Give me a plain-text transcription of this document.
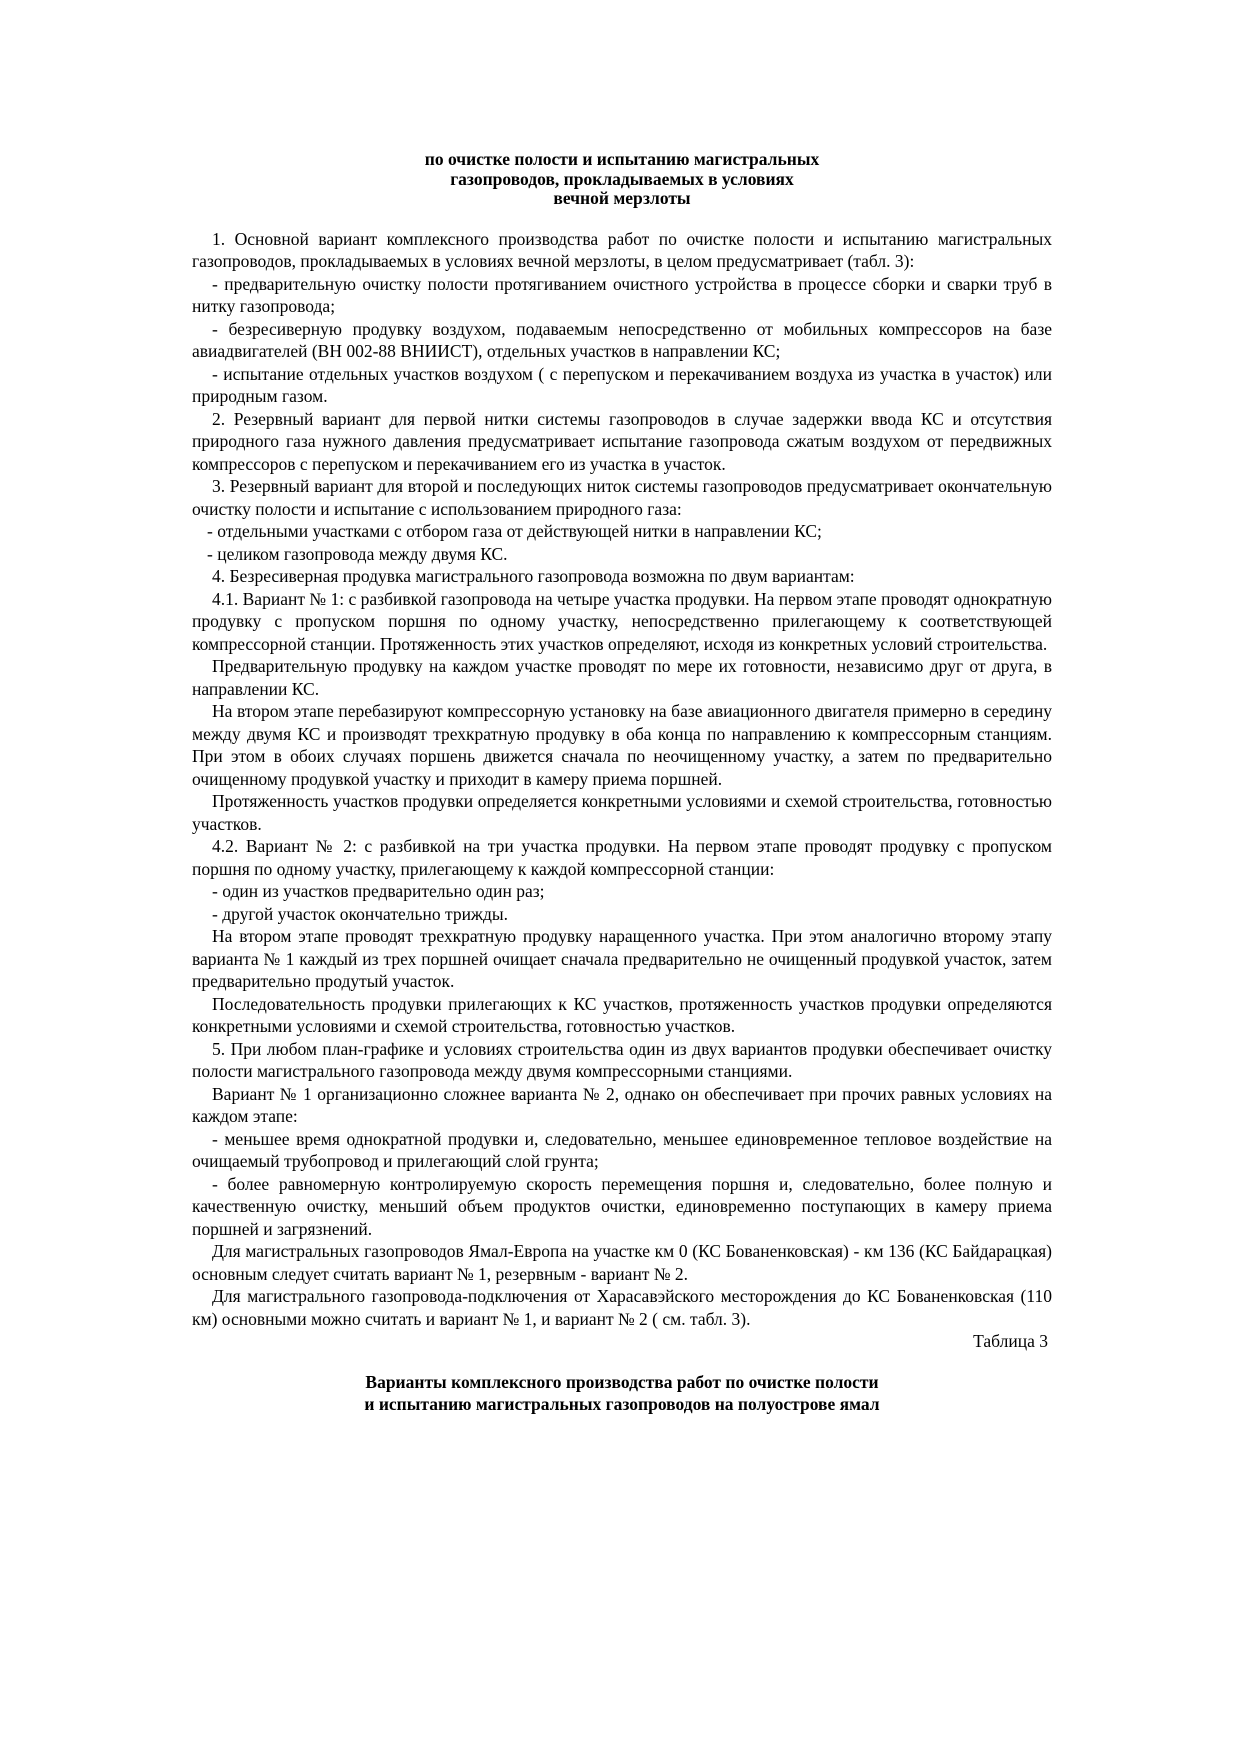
по очистке полости и испытанию магистральных
газопроводов, прокладываемых в условиях
вечной мерзлоты

1. Основной вариант комплексного производства работ по очистке полости и испытанию магистральных газопроводов, прокладываемых в условиях вечной мерзлоты, в целом предусматривает (табл. 3):

- предварительную очистку полости протягиванием очистного устройства в процессе сборки и сварки труб в нитку газопровода;

- безресиверную продувку воздухом, подаваемым непосредственно от мобильных компрессоров на базе авиадвигателей (ВН 002-88 ВНИИСТ), отдельных участков в направлении КС;

- испытание отдельных участков воздухом ( с перепуском и перекачиванием воздуха из участка в участок) или природным газом.

2. Резервный вариант для первой нитки системы газопроводов в случае задержки ввода КС и отсутствия природного газа нужного давления предусматривает испытание газопровода сжатым воздухом от передвижных компрессоров с перепуском и перекачиванием его из участка в участок.

3. Резервный вариант для второй и последующих ниток системы газопроводов предусматривает окончательную очистку полости и испытание с использованием природного газа:

- отдельными участками с отбором газа от действующей нитки в направлении КС;

- целиком газопровода между двумя КС.

4. Безресиверная продувка магистрального газопровода возможна по двум вариантам:

4.1. Вариант № 1: с разбивкой газопровода на четыре участка продувки. На первом этапе проводят однократную продувку с пропуском поршня по одному участку, непосредственно прилегающему к соответствующей компрессорной станции. Протяженность этих участков определяют, исходя из конкретных условий строительства.

Предварительную продувку на каждом участке проводят по мере их готовности, независимо друг от друга, в направлении КС.

На втором этапе перебазируют компрессорную установку на базе авиационного двигателя примерно в середину между двумя КС и производят трехкратную продувку в оба конца по направлению к компрессорным станциям. При этом в обоих случаях поршень движется сначала по неочищенному участку, а затем по предварительно очищенному продувкой участку и приходит в камеру приема поршней.

Протяженность участков продувки определяется конкретными условиями и схемой строительства, готовностью участков.

4.2. Вариант № 2: с разбивкой на три участка продувки. На первом этапе проводят продувку с пропуском поршня по одному участку, прилегающему к каждой компрессорной станции:

- один из участков предварительно один раз;

- другой участок окончательно трижды.

На втором этапе проводят трехкратную продувку наращенного участка. При этом аналогично второму этапу варианта № 1 каждый из трех поршней очищает сначала предварительно не очищенный продувкой участок, затем предварительно продутый участок.

Последовательность продувки прилегающих к КС участков, протяженность участков продувки определяются конкретными условиями и схемой строительства, готовностью участков.

5. При любом план-графике и условиях строительства один из двух вариантов продувки обеспечивает очистку полости магистрального газопровода между двумя компрессорными станциями.

Вариант № 1 организационно сложнее варианта № 2, однако он обеспечивает при прочих равных условиях на каждом этапе:

- меньшее время однократной продувки и, следовательно, меньшее единовременное тепловое воздействие на очищаемый трубопровод и прилегающий слой грунта;

- более равномерную контролируемую скорость перемещения поршня и, следовательно, более полную и качественную очистку, меньший объем продуктов очистки, единовременно поступающих в камеру приема поршней и загрязнений.

Для магистральных газопроводов Ямал-Европа на участке км 0 (КС Бованенковская) - км 136 (КС Байдарацкая) основным следует считать вариант № 1, резервным - вариант № 2.

Для магистрального газопровода-подключения от Харасавэйского месторождения до КС Бованенковская (110 км) основными можно считать и вариант № 1, и вариант № 2 ( см. табл. 3).

Таблица 3

Варианты комплексного производства работ по очистке полости
и испытанию магистральных газопроводов на полуострове ямал
